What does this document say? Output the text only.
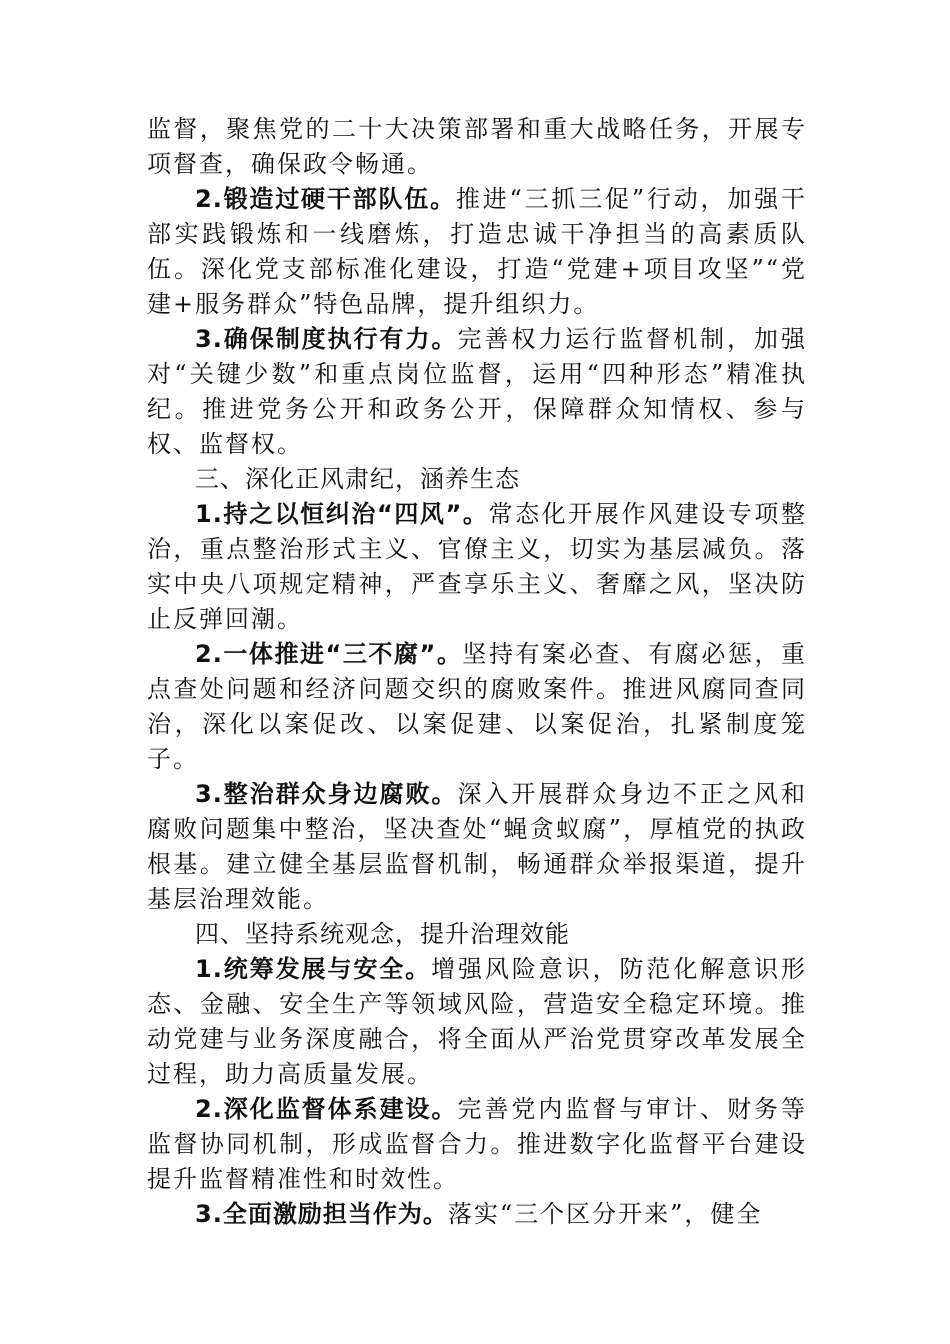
监督，聚焦党的二十大决策部署和重大战略任务，开展专项督查，确保政令畅通。

2.锻造过硬干部队伍。推进“三抓三促”行动，加强干部实践锻炼和一线磨炼，打造忠诚干净担当的高素质队伍。深化党支部标准化建设，打造“党建+项目攻坚”“党建+服务群众”特色品牌，提升组织力。

3.确保制度执行有力。完善权力运行监督机制，加强对“关键少数”和重点岗位监督，运用“四种形态”精准执纪。推进党务公开和政务公开，保障群众知情权、参与权、监督权。

三、深化正风肃纪，涵养生态

1.持之以恒纠治“四风”。常态化开展作风建设专项整治，重点整治形式主义、官僚主义，切实为基层减负。落实中央八项规定精神，严查享乐主义、奢靡之风，坚决防止反弹回潮。

2.一体推进“三不腐”。坚持有案必查、有腐必惩，重点查处问题和经济问题交织的腐败案件。推进风腐同查同治，深化以案促改、以案促建、以案促治，扎紧制度笼子。

3.整治群众身边腐败。深入开展群众身边不正之风和腐败问题集中整治，坚决查处“蝇贪蚁腐”，厚植党的执政根基。建立健全基层监督机制，畅通群众举报渠道，提升基层治理效能。

四、坚持系统观念，提升治理效能

1.统筹发展与安全。增强风险意识，防范化解意识形态、金融、安全生产等领域风险，营造安全稳定环境。推动党建与业务深度融合，将全面从严治党贯穿改革发展全过程，助力高质量发展。

2.深化监督体系建设。完善党内监督与审计、财务等监督协同机制，形成监督合力。推进数字化监督平台建设提升监督精准性和时效性。

3.全面激励担当作为。落实“三个区分开来”，健全
